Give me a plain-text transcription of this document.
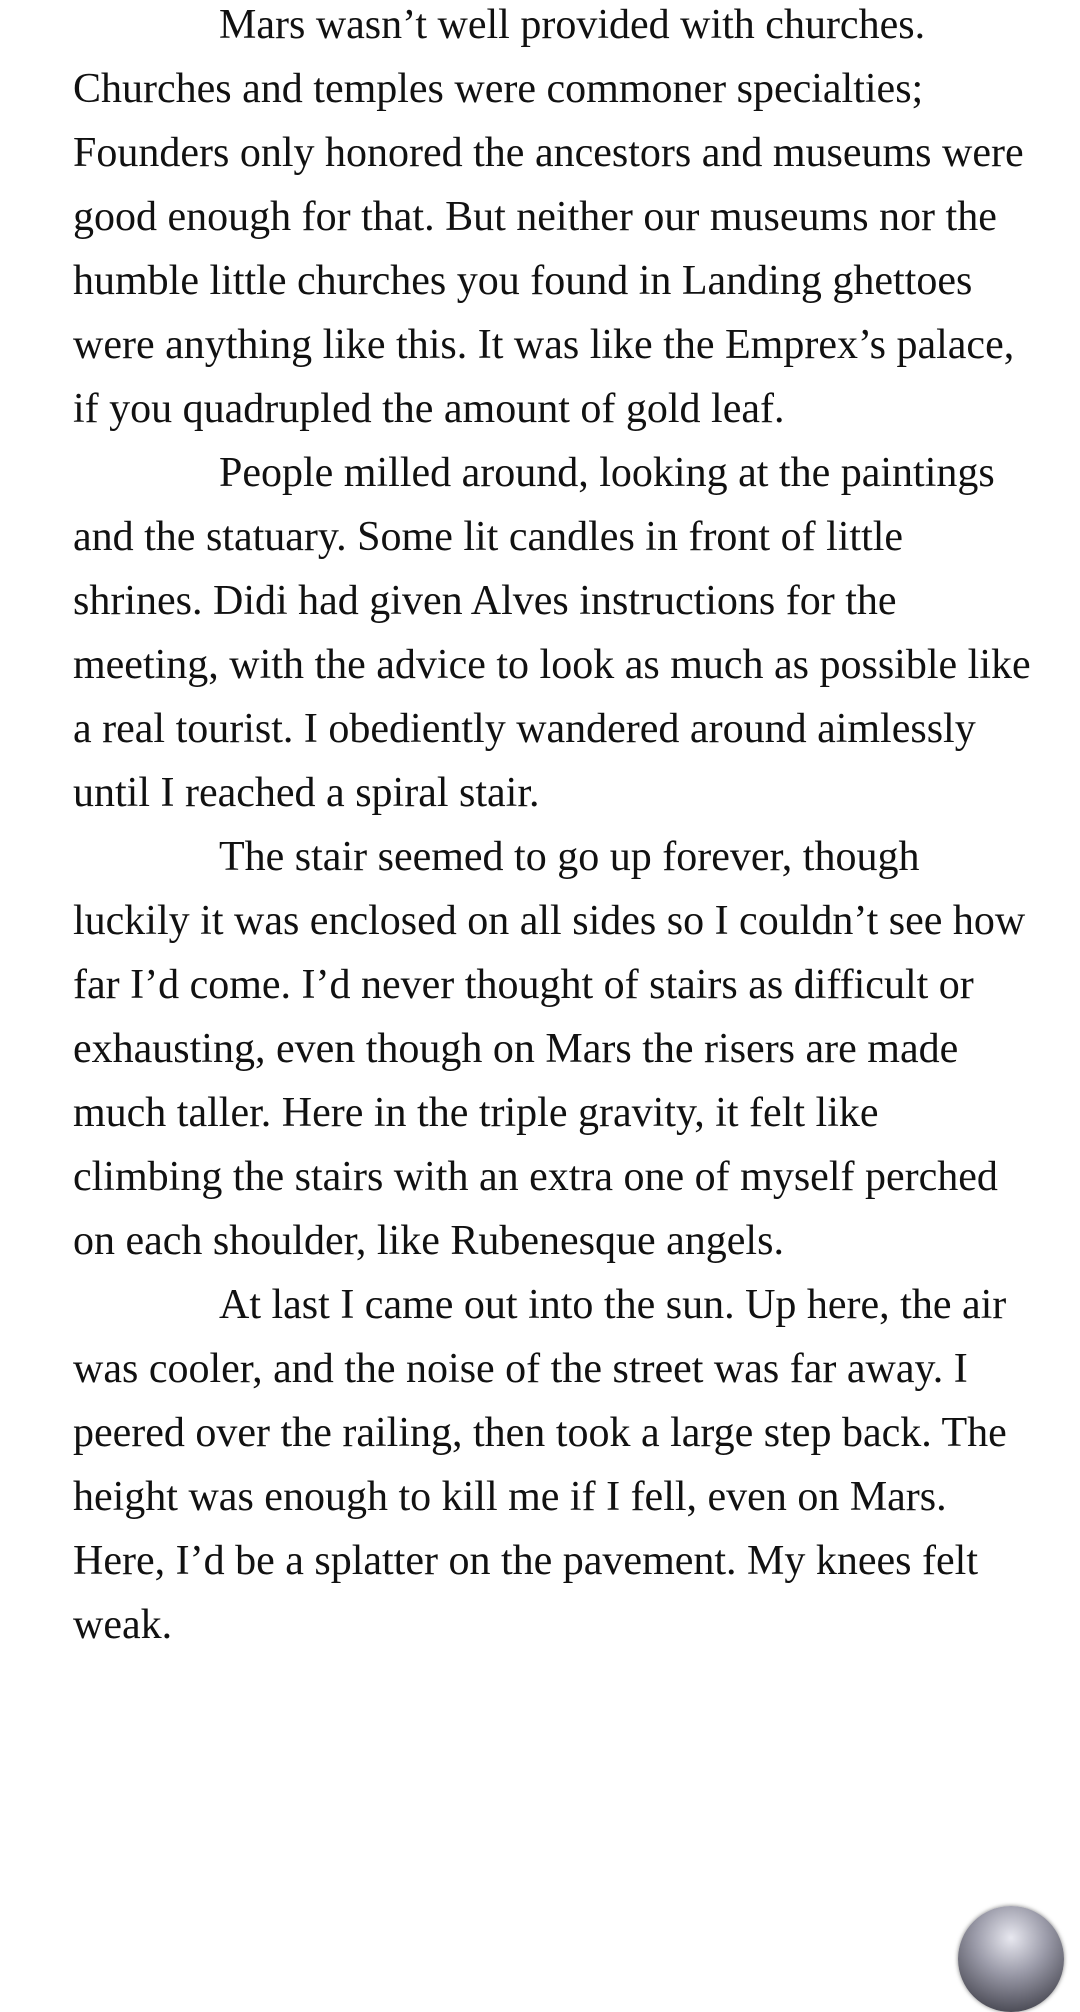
Mars wasn’t well provided with churches. Churches and temples were commoner specialties; Founders only honored the ancestors and museums were good enough for that. But neither our museums nor the humble little churches you found in Landing ghettoes were anything like this. It was like the Emprex’s palace, if you quadrupled the amount of gold leaf.

People milled around, looking at the paintings and the statuary. Some lit candles in front of little shrines. Didi had given Alves instructions for the meeting, with the advice to look as much as possible like a real tourist. I obediently wandered around aimlessly until I reached a spiral stair.

The stair seemed to go up forever, though luckily it was enclosed on all sides so I couldn’t see how far I’d come. I’d never thought of stairs as difficult or exhausting, even though on Mars the risers are made much taller. Here in the triple gravity, it felt like climbing the stairs with an extra one of myself perched on each shoulder, like Rubenesque angels.

At last I came out into the sun. Up here, the air was cooler, and the noise of the street was far away. I peered over the railing, then took a large step back. The height was enough to kill me if I fell, even on Mars. Here, I’d be a splatter on the pavement. My knees felt weak.
